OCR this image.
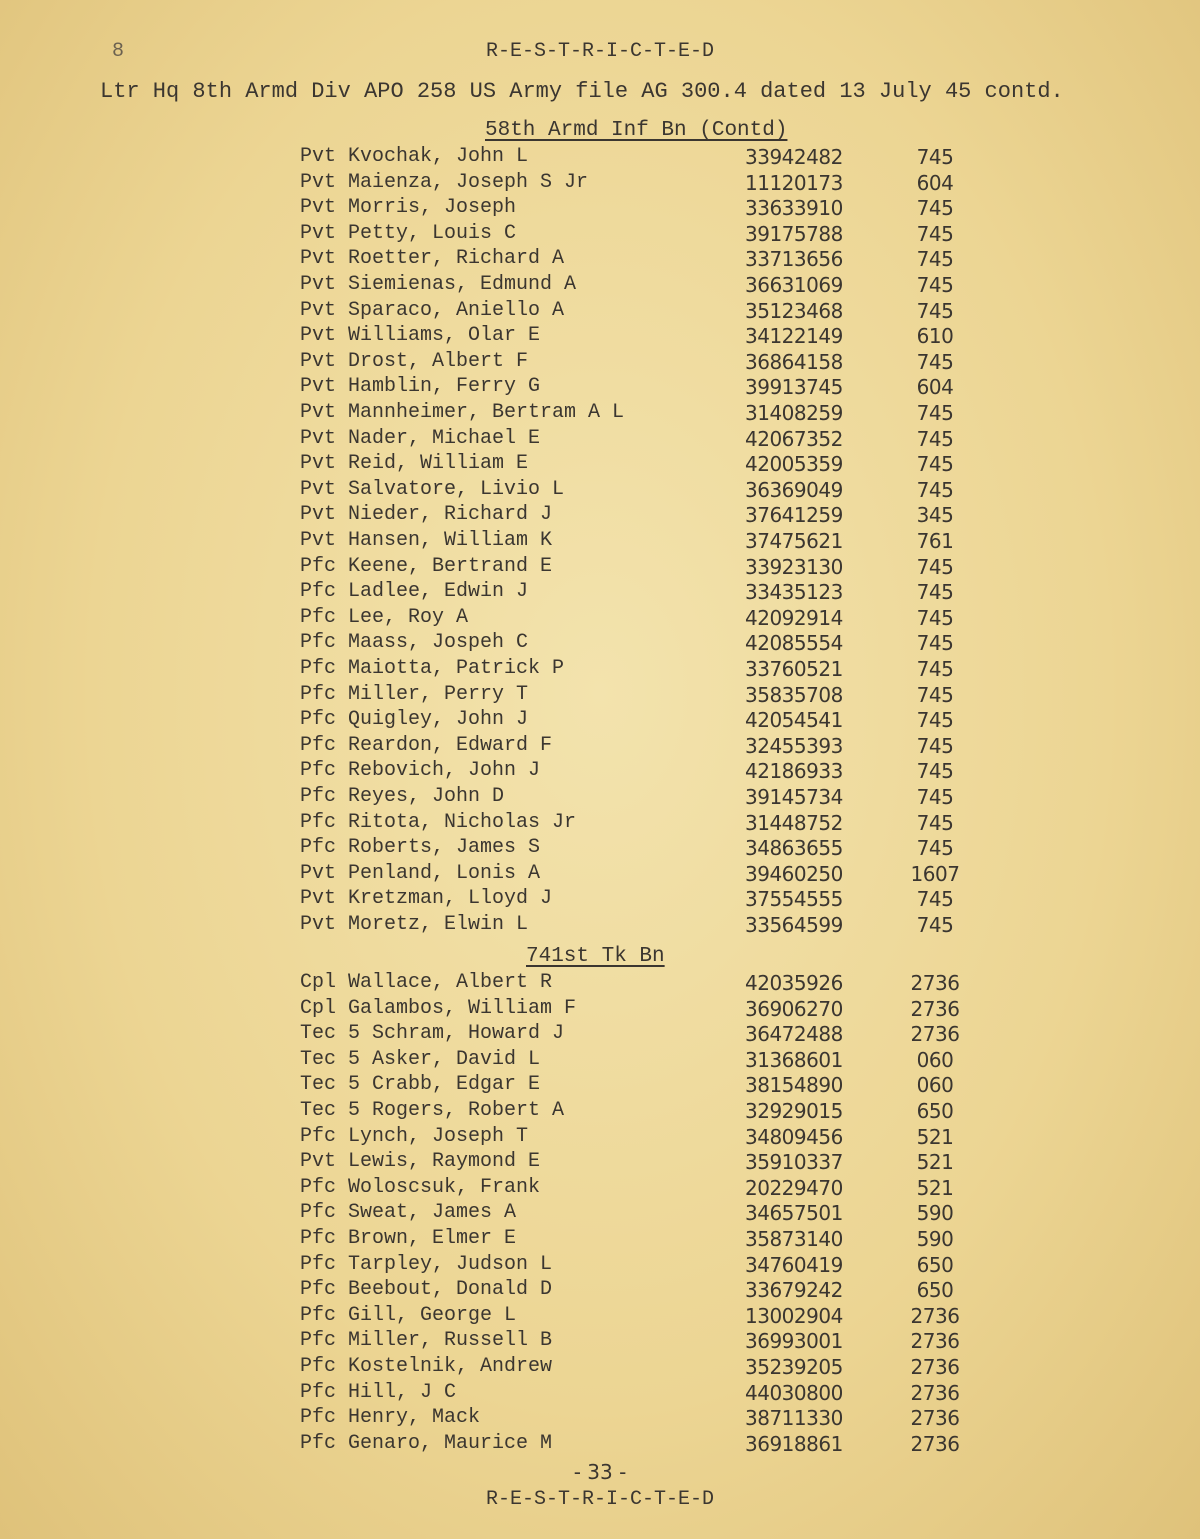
8	R-E-S-T-R-I-C-T-E-D
Ltr Hq 8th Armd Div APO 258 US Army file AG 300.4 dated 13 July 45 contd.
58th Armd Inf Bn (Contd)
741st Tk Bn
Pvt Kvochak, John L	33942482	745
Pvt Maienza, Joseph S Jr	11120173	604
Pvt Morris, Joseph	33633910	745
Pvt Petty, Louis C	39175788	745
Pvt Roetter, Richard A	33713656	745
Pvt Siemienas, Edmund A	36631069	745
Pvt Sparaco, Aniello A	35123468	745
Pvt Williams, Olar E	34122149	610
Pvt Drost, Albert F	36864158	745
Pvt Hamblin, Ferry G	39913745	604
Pvt Mannheimer, Bertram A L	31408259	745
Pvt Nader, Michael E	42067352	745
Pvt Reid, William E	42005359	745
Pvt Salvatore, Livio L	36369049	745
Pvt Nieder, Richard J	37641259	345
Pvt Hansen, William K	37475621	761
Pfc Keene, Bertrand E	33923130	745
Pfc Ladlee, Edwin J	33435123	745
Pfc Lee, Roy A	42092914	745
Pfc Maass, Jospeh C	42085554	745
Pfc Maiotta, Patrick P	33760521	745
Pfc Miller, Perry T	35835708	745
Pfc Quigley, John J	42054541	745
Pfc Reardon, Edward F	32455393	745
Pfc Rebovich, John J	42186933	745
Pfc Reyes, John D	39145734	745
Pfc Ritota, Nicholas Jr	31448752	745
Pfc Roberts, James S	34863655	745
Pvt Penland, Lonis A	39460250	1607
Pvt Kretzman, Lloyd J	37554555	745
Pvt Moretz, Elwin L	33564599	745
Cpl Wallace, Albert R	42035926	2736
Cpl Galambos, William F	36906270	2736
Tec 5 Schram, Howard J	36472488	2736
Tec 5 Asker, David L	31368601	060
Tec 5 Crabb, Edgar E	38154890	060
Tec 5 Rogers, Robert A	32929015	650
Pfc Lynch, Joseph T	34809456	521
Pvt Lewis, Raymond E	35910337	521
Pfc Woloscsuk, Frank	20229470	521
Pfc Sweat, James A	34657501	590
Pfc Brown, Elmer E	35873140	590
Pfc Tarpley, Judson L	34760419	650
Pfc Beebout, Donald D	33679242	650
Pfc Gill, George L	13002904	2736
Pfc Miller, Russell B	36993001	2736
Pfc Kostelnik, Andrew	35239205	2736
Pfc Hill, J C	44030800	2736
Pfc Henry, Mack	38711330	2736
Pfc Genaro, Maurice M	36918861	2736
- 33 -
R-E-S-T-R-I-C-T-E-D
